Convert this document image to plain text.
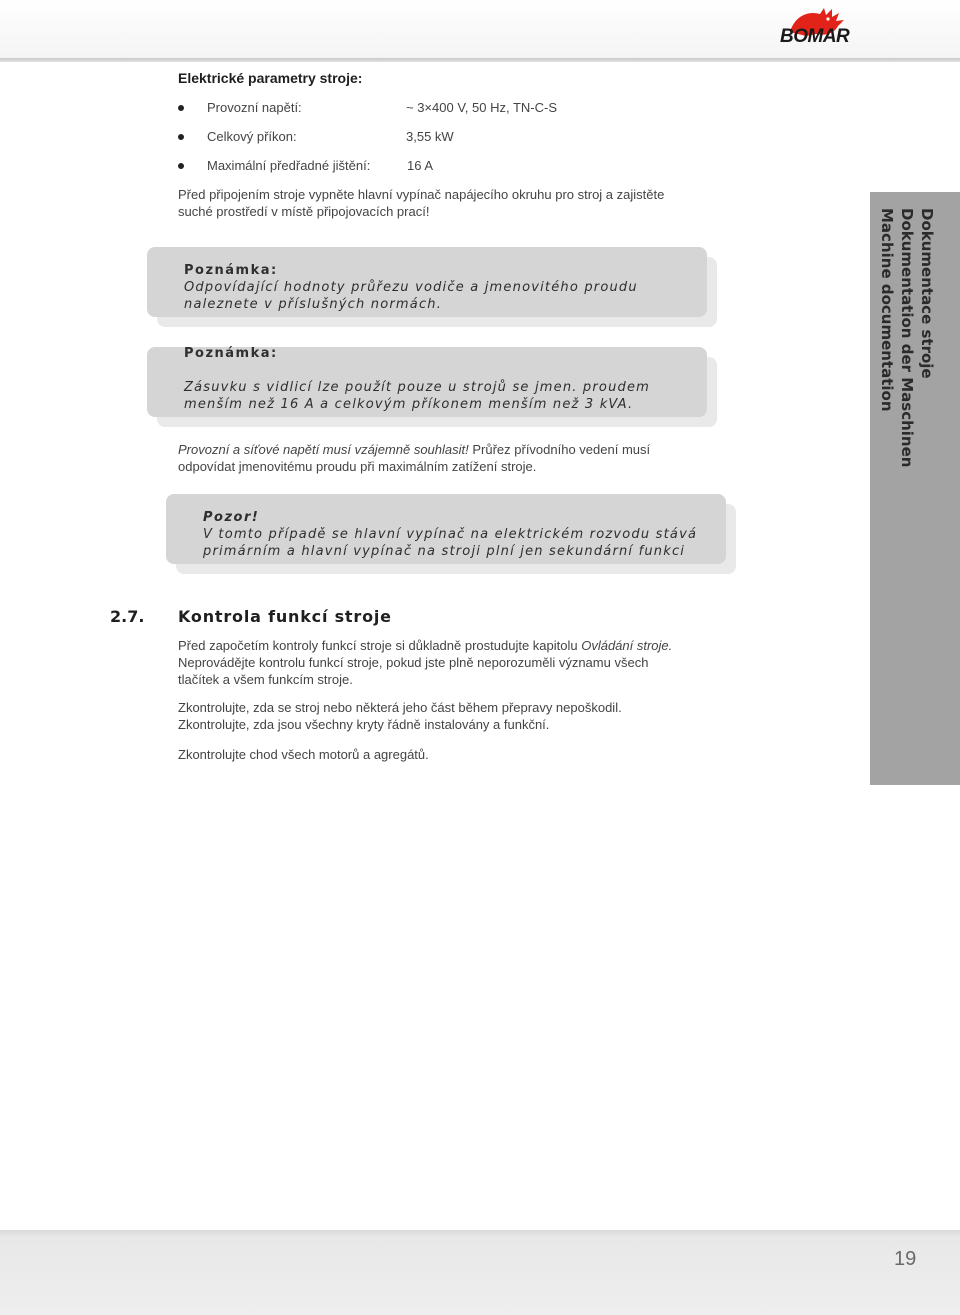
BOMAR
Dokumentace stroje
Dokumentation der Maschinen
Machine documentation
Elektrické parametry stroje:
Provozní napětí:	~ 3×400 V, 50 Hz, TN-C-S
Celkový příkon:	3,55 kW
Maximální předřadné jištění:	16 A
Před připojením stroje vypněte hlavní vypínač napájecího okruhu pro stroj a zajistěte
suché prostředí v místě připojovacích prací!
Poznámka:
Odpovídající hodnoty průřezu vodiče a jmenovitého proudu
naleznete v příslušných normách.
Poznámka:
Zásuvku s vidlicí lze použít pouze u strojů se jmen. proudem
menším než 16 A a celkovým příkonem menším než 3 kVA.
Provozní a síťové napětí musí vzájemně souhlasit! Průřez přívodního vedení musí
odpovídat jmenovitému proudu při maximálním zatížení stroje.
Pozor!
V tomto případě se hlavní vypínač na elektrickém rozvodu stává
primárním a hlavní vypínač na stroji plní jen sekundární funkci
2.7. Kontrola funkcí stroje
Před započetím kontroly funkcí stroje si důkladně prostudujte kapitolu Ovládání stroje.
Neprovádějte kontrolu funkcí stroje, pokud jste plně neporozuměli významu všech
tlačítek a všem funkcím stroje.
Zkontrolujte, zda se stroj nebo některá jeho část během přepravy nepoškodil.
Zkontrolujte, zda jsou všechny kryty řádně instalovány a funkční.
Zkontrolujte chod všech motorů a agregátů.
19
